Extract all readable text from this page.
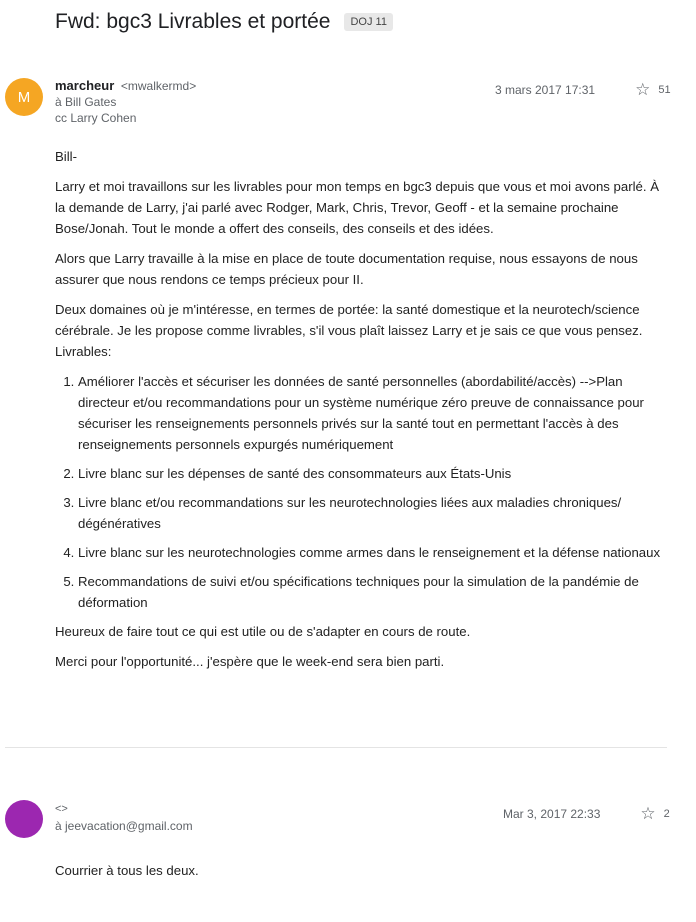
Fwd: bgc3 Livrables et portée	DOJ 11
M
marcheur <mwalkermd>
à Bill Gates
cc Larry Cohen
3 mars 2017 17:31 ☆ 51

Bill-

Larry et moi travaillons sur les livrables pour mon temps en bgc3 depuis que vous et moi avons parlé. À la demande de Larry, j'ai parlé avec Rodger, Mark, Chris, Trevor, Geoff - et la semaine prochaine Bose/Jonah. Tout le monde a offert des conseils, des conseils et des idées.

Alors que Larry travaille à la mise en place de toute documentation requise, nous essayons de nous assurer que nous rendons ce temps précieux pour II.

Deux domaines où je m'intéresse, en termes de portée: la santé domestique et la neurotech/science cérébrale. Je les propose comme livrables, s'il vous plaît laissez Larry et je sais ce que vous pensez. Livrables:

1. Améliorer l'accès et sécuriser les données de santé personnelles (abordabilité/accès) -->Plan directeur et/ou recommandations pour un système numérique zéro preuve de connaissance pour sécuriser les renseignements personnels privés sur la santé tout en permettant l'accès à des renseignements personnels expurgés numériquement
2. Livre blanc sur les dépenses de santé des consommateurs aux États-Unis
3. Livre blanc et/ou recommandations sur les neurotechnologies liées aux maladies chroniques/ dégénératives
4. Livre blanc sur les neurotechnologies comme armes dans le renseignement et la défense nationaux
5. Recommandations de suivi et/ou spécifications techniques pour la simulation de la pandémie de déformation

Heureux de faire tout ce qui est utile ou de s'adapter en cours de route.

Merci pour l'opportunité... j'espère que le week-end sera bien parti.

<>
à jeevacation@gmail.com
Mar 3, 2017 22:33 ☆ 2

Courrier à tous les deux.
